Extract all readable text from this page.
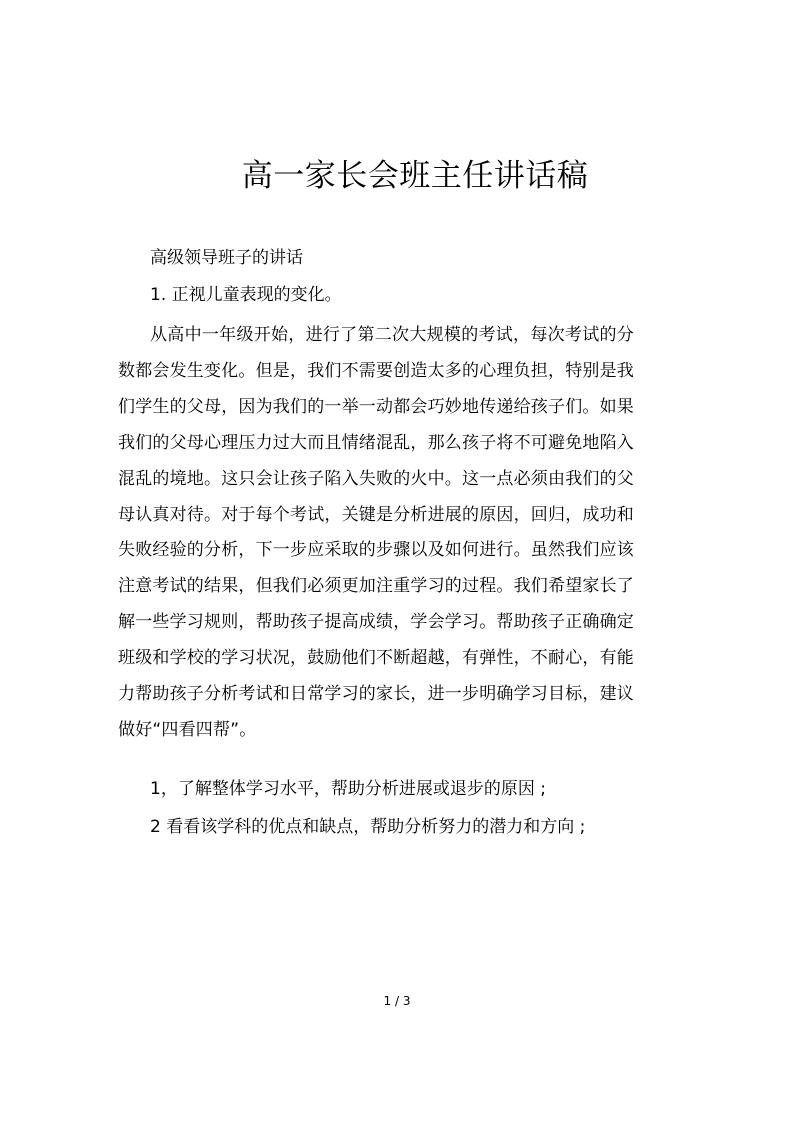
高一家长会班主任讲话稿
高级领导班子的讲话
1. 正视儿童表现的变化。

从高中一年级开始，进行了第二次大规模的考试，每次考试的分数都会发生变化。但是，我们不需要创造太多的心理负担，特别是我们学生的父母，因为我们的一举一动都会巧妙地传递给孩子们。如果我们的父母心理压力过大而且情绪混乱，那么孩子将不可避免地陷入混乱的境地。这只会让孩子陷入失败的火中。这一点必须由我们的父母认真对待。对于每个考试，关键是分析进展的原因，回归，成功和失败经验的分析，下一步应采取的步骤以及如何进行。虽然我们应该注意考试的结果，但我们必须更加注重学习的过程。我们希望家长了解一些学习规则，帮助孩子提高成绩，学会学习。帮助孩子正确确定班级和学校的学习状况，鼓励他们不断超越，有弹性，不耐心，有能力帮助孩子分析考试和日常学习的家长，进一步明确学习目标，建议做好“四看四帮”。

1，了解整体学习水平，帮助分析进展或退步的原因 ;
2 看看该学科的优点和缺点，帮助分析努力的潜力和方向 ;
1 / 3
